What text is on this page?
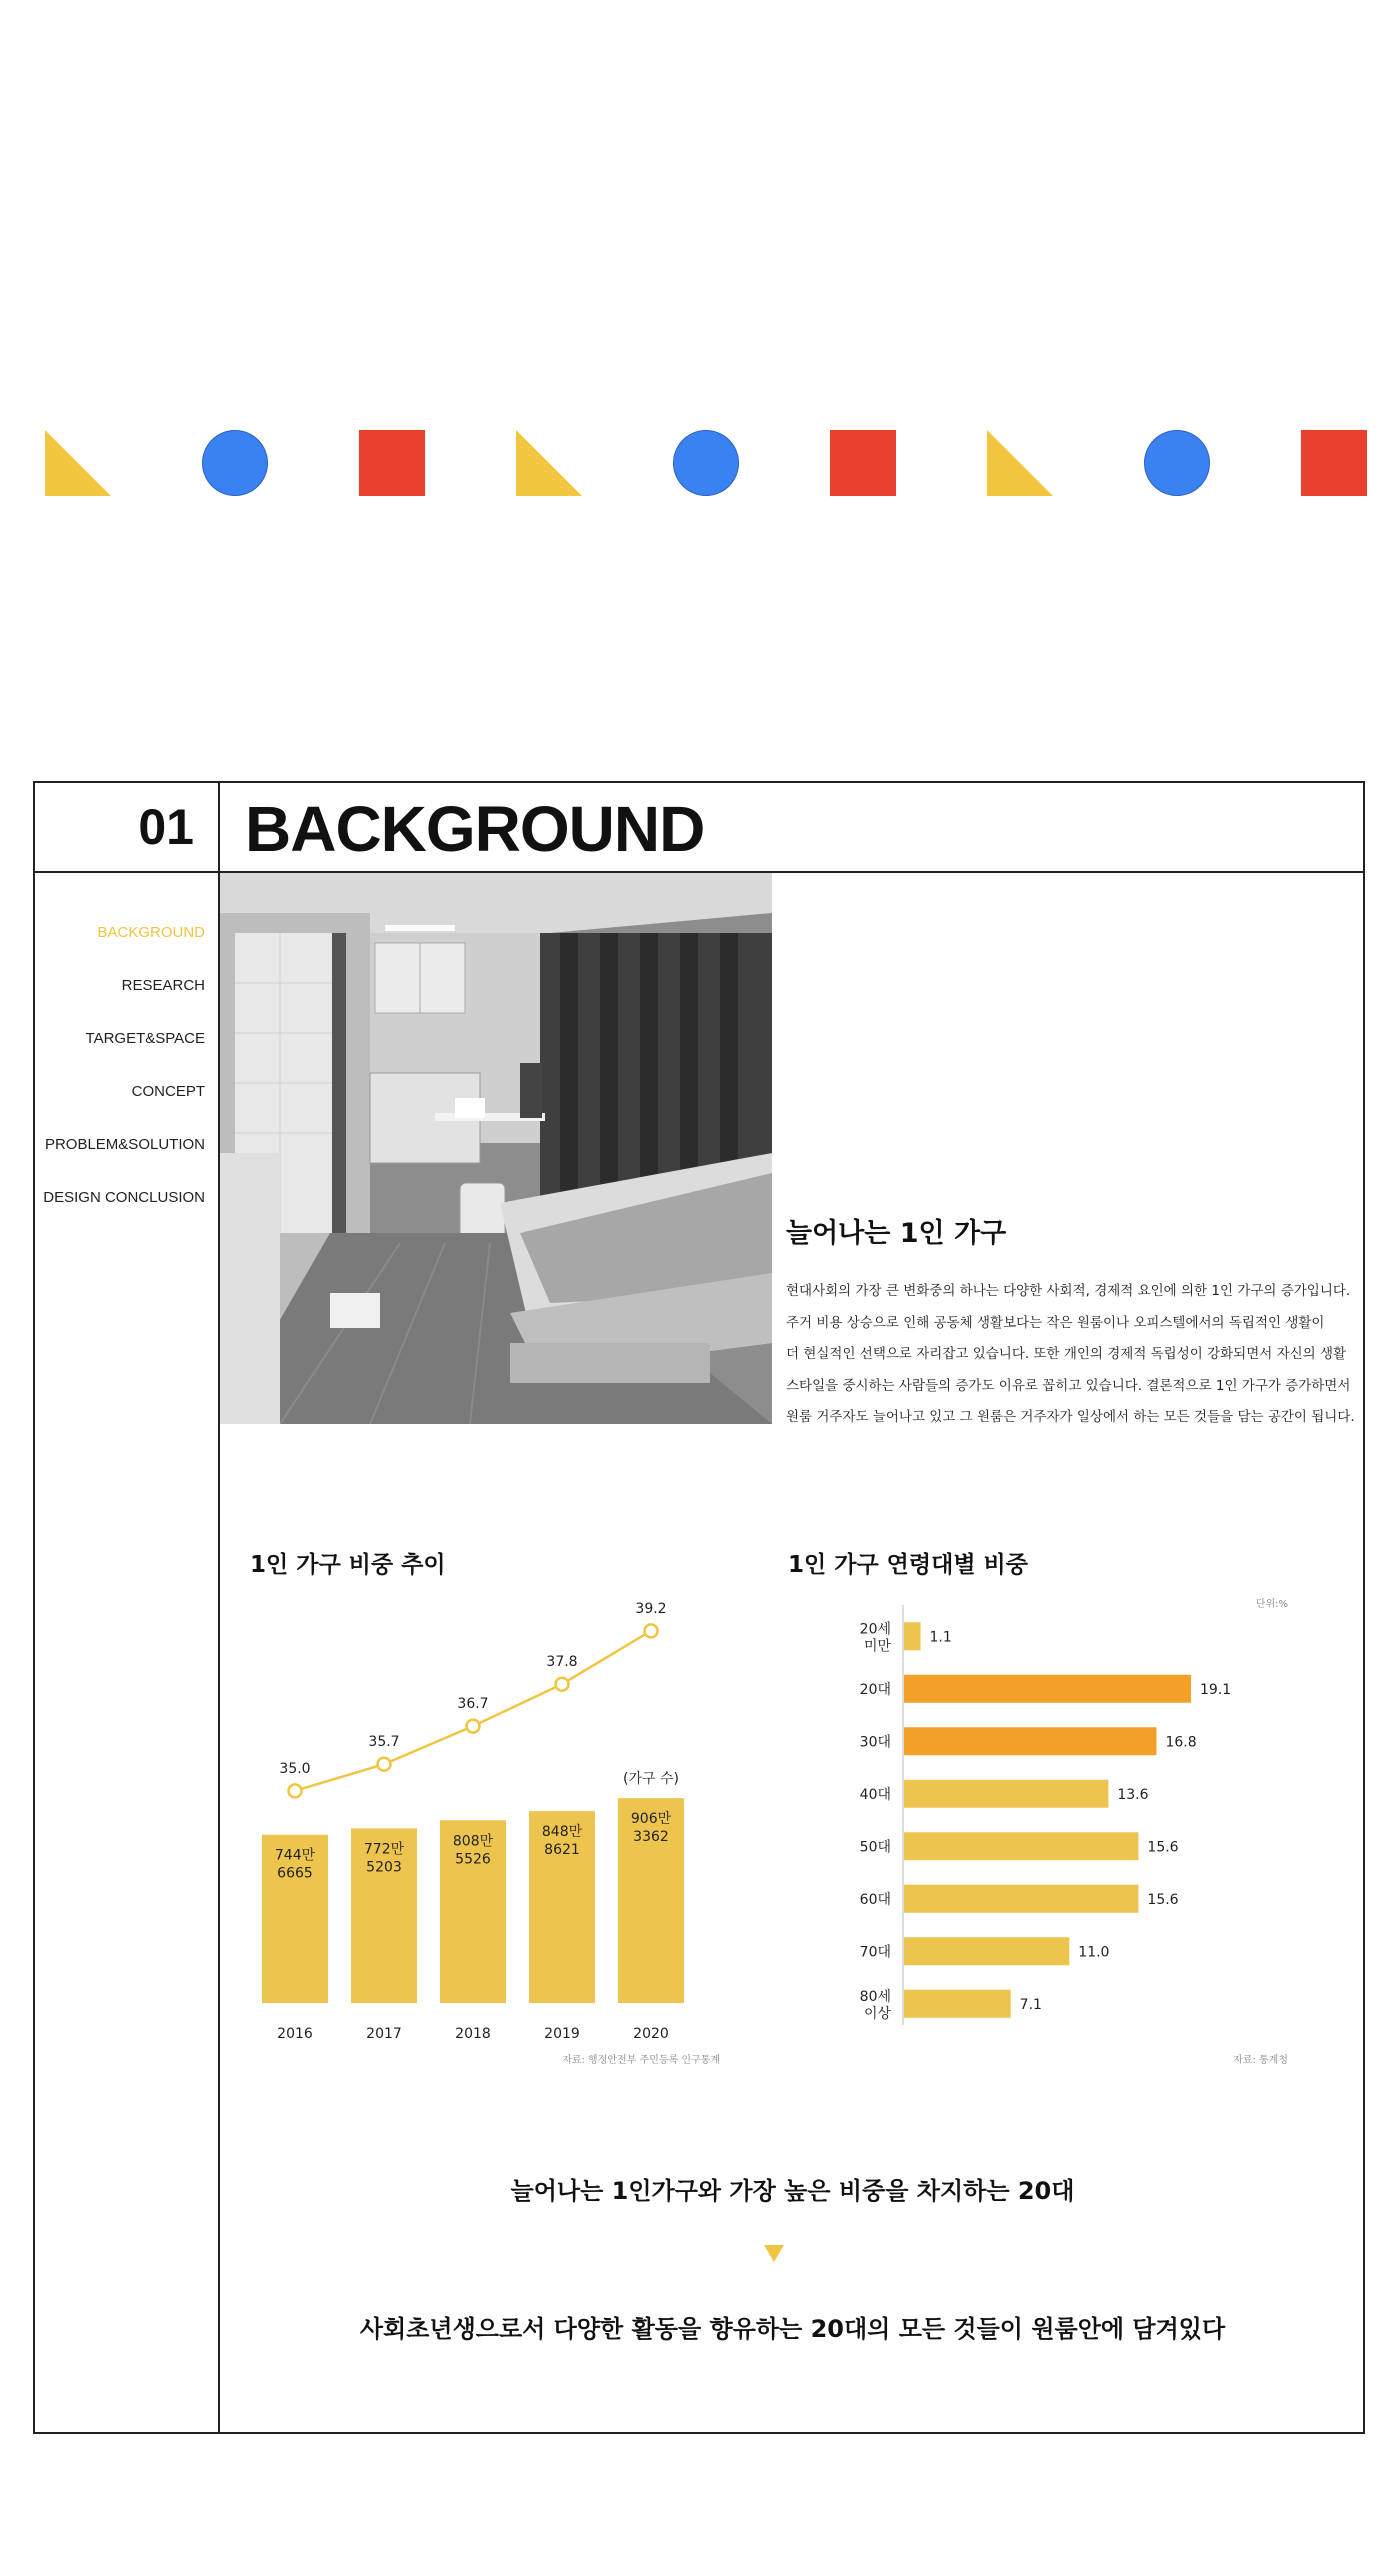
01 BACKGROUND
BACKGROUND
RESEARCH
TARGET&SPACE
CONCEPT
PROBLEM&SOLUTION
DESIGN CONCLUSION
늘어나는 1인 가구
현대사회의 가장 큰 변화중의 하나는 다양한 사회적, 경제적 요인에 의한 1인 가구의 증가입니다.
주거 비용 상승으로 인해 공동체 생활보다는 작은 원룸이나 오피스텔에서의 독립적인 생활이
더 현실적인 선택으로 자리잡고 있습니다. 또한 개인의 경제적 독립성이 강화되면서 자신의 생활
스타일을 중시하는 사람들의 증가도 이유로 꼽히고 있습니다. 결론적으로 1인 가구가 증가하면서
원룸 거주자도 늘어나고 있고 그 원룸은 거주자가 일상에서 하는 모든 것들을 담는 공간이 됩니다.
1인 가구 비중 추이
744만
6665
2016
772만
5203
2017
808만
5526
2018
848만
8621
2019
906만
3362
2020
(가구 수)
35.0
35.7
36.7
37.8
39.2
자료: 행정안전부 주민등록 인구통계
1인 가구 연령대별 비중
단위:%
1.1
20세
미만
19.1
20대
16.8
30대
13.6
40대
15.6
50대
15.6
60대
11.0
70대
7.1
80세
이상
자료: 통계청
늘어나는 1인가구와 가장 높은 비중을 차지하는 20대
사회초년생으로서 다양한 활동을 향유하는 20대의 모든 것들이 원룸안에 담겨있다
